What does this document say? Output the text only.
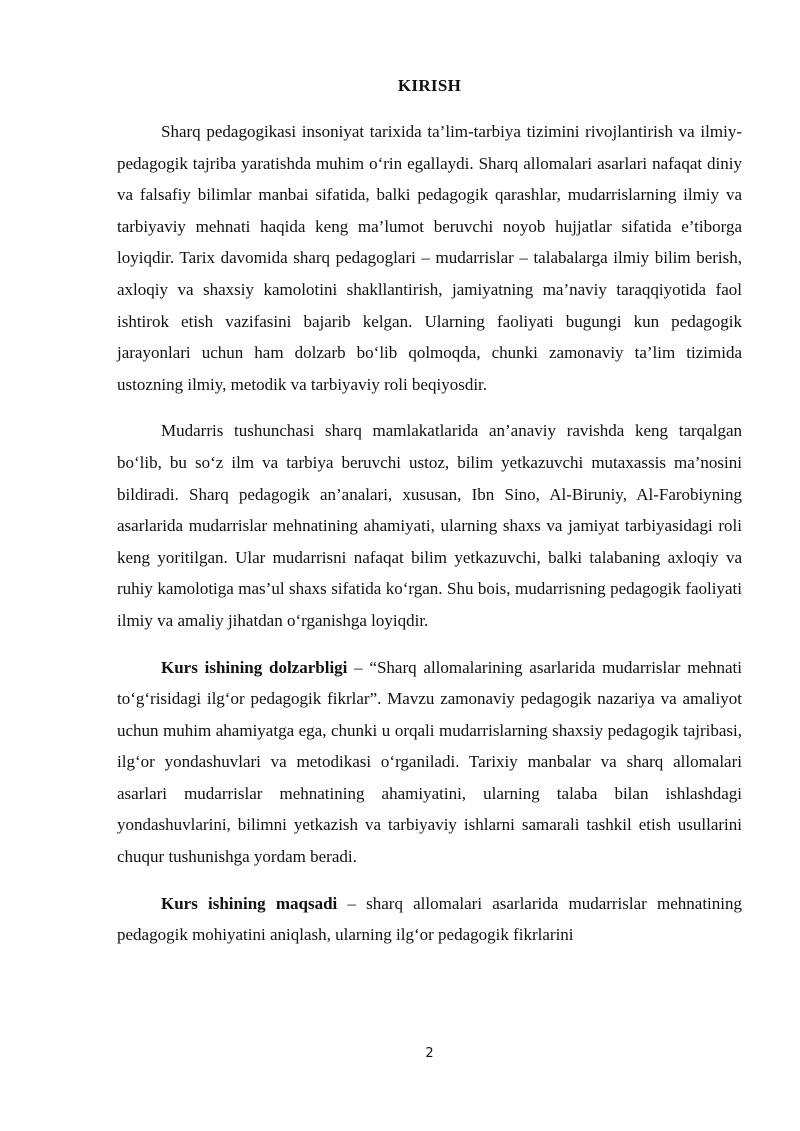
KIRISH

Sharq pedagogikasi insoniyat tarixida ta’lim-tarbiya tizimini rivojlantirish va ilmiy-pedagogik tajriba yaratishda muhim o‘rin egallaydi. Sharq allomalari asarlari nafaqat diniy va falsafiy bilimlar manbai sifatida, balki pedagogik qarashlar, mudarrislarning ilmiy va tarbiyaviy mehnati haqida keng ma’lumot beruvchi noyob hujjatlar sifatida e’tiborga loyiqdir. Tarix davomida sharq pedagoglari – mudarrislar – talabalarga ilmiy bilim berish, axloqiy va shaxsiy kamolotini shakllantirish, jamiyatning ma’naviy taraqqiyotida faol ishtirok etish vazifasini bajarib kelgan. Ularning faoliyati bugungi kun pedagogik jarayonlari uchun ham dolzarb bo‘lib qolmoqda, chunki zamonaviy ta’lim tizimida ustozning ilmiy, metodik va tarbiyaviy roli beqiyosdir.

Mudarris tushunchasi sharq mamlakatlarida an’anaviy ravishda keng tarqalgan bo‘lib, bu so‘z ilm va tarbiya beruvchi ustoz, bilim yetkazuvchi mutaxassis ma’nosini bildiradi. Sharq pedagogik an’analari, xususan, Ibn Sino, Al-Biruniy, Al-Farobiyning asarlarida mudarrislar mehnatining ahamiyati, ularning shaxs va jamiyat tarbiyasidagi roli keng yoritilgan. Ular mudarrisni nafaqat bilim yetkazuvchi, balki talabaning axloqiy va ruhiy kamolotiga mas’ul shaxs sifatida ko‘rgan. Shu bois, mudarrisning pedagogik faoliyati ilmiy va amaliy jihatdan o‘rganishga loyiqdir.

Kurs ishining dolzarbligi – “Sharq allomalarining asarlarida mudarrislar mehnati to‘g‘risidagi ilg‘or pedagogik fikrlar”. Mavzu zamonaviy pedagogik nazariya va amaliyot uchun muhim ahamiyatga ega, chunki u orqali mudarrislarning shaxsiy pedagogik tajribasi, ilg‘or yondashuvlari va metodikasi o‘rganiladi. Tarixiy manbalar va sharq allomalari asarlari mudarrislar mehnatining ahamiyatini, ularning talaba bilan ishlashdagi yondashuvlarini, bilimni yetkazish va tarbiyaviy ishlarni samarali tashkil etish usullarini chuqur tushunishga yordam beradi.

Kurs ishining maqsadi – sharq allomalari asarlarida mudarrislar mehnatining pedagogik mohiyatini aniqlash, ularning ilg‘or pedagogik fikrlarini

2
